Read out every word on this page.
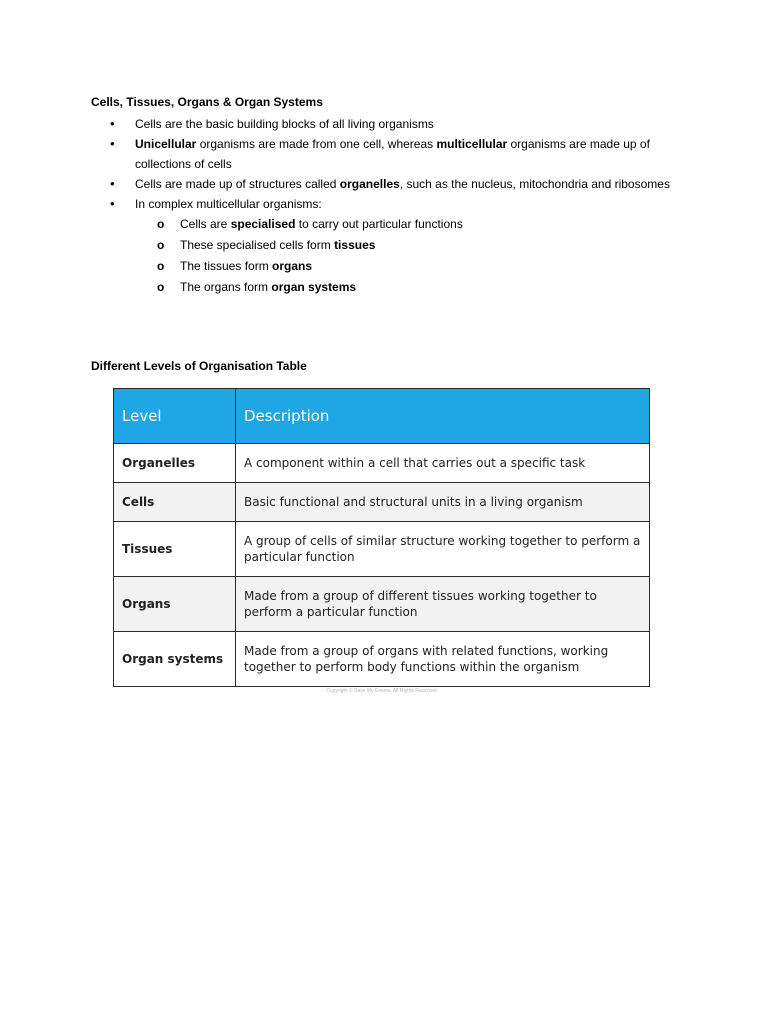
Cells, Tissues, Organs & Organ Systems
• Cells are the basic building blocks of all living organisms
• Unicellular organisms are made from one cell, whereas multicellular organisms are made up of collections of cells
• Cells are made up of structures called organelles, such as the nucleus, mitochondria and ribosomes
• In complex multicellular organisms:
o Cells are specialised to carry out particular functions
o These specialised cells form tissues
o The tissues form organs
o The organs form organ systems
Different Levels of Organisation Table
Level	Description
Organelles	A component within a cell that carries out a specific task
Cells	Basic functional and structural units in a living organism
Tissues	A group of cells of similar structure working together to perform a particular function
Organs	Made from a group of different tissues working together to perform a particular function
Organ systems	Made from a group of organs with related functions, working together to perform body functions within the organism
Copyright © Save My Exams. All Rights Reserved
